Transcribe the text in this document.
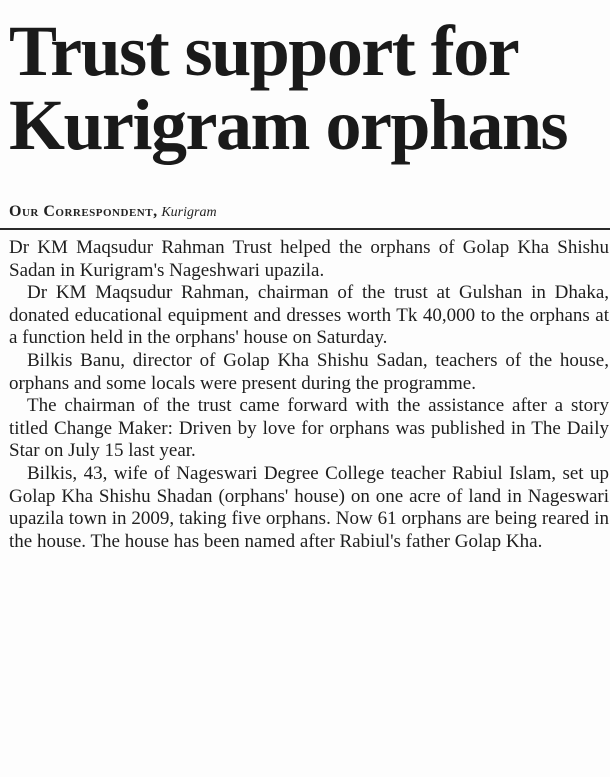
Trust support for
Kurigram orphans
Our Correspondent, Kurigram

Dr KM Maqsudur Rahman Trust helped the orphans of Golap Kha Shishu Sadan in Kurigram's Nageshwari upazila.

Dr KM Maqsudur Rahman, chairman of the trust at Gulshan in Dhaka, donated educational equipment and dresses worth Tk 40,000 to the orphans at a function held in the orphans' house on Saturday.

Bilkis Banu, director of Golap Kha Shishu Sadan, teachers of the house, orphans and some locals were present during the programme.

The chairman of the trust came forward with the assistance after a story titled Change Maker: Driven by love for orphans was published in The Daily Star on July 15 last year.

Bilkis, 43, wife of Nageswari Degree College teacher Rabiul Islam, set up Golap Kha Shishu Shadan (orphans' house) on one acre of land in Nageswari upazila town in 2009, taking five orphans. Now 61 orphans are being reared in the house. The house has been named after Rabiul's father Golap Kha.
